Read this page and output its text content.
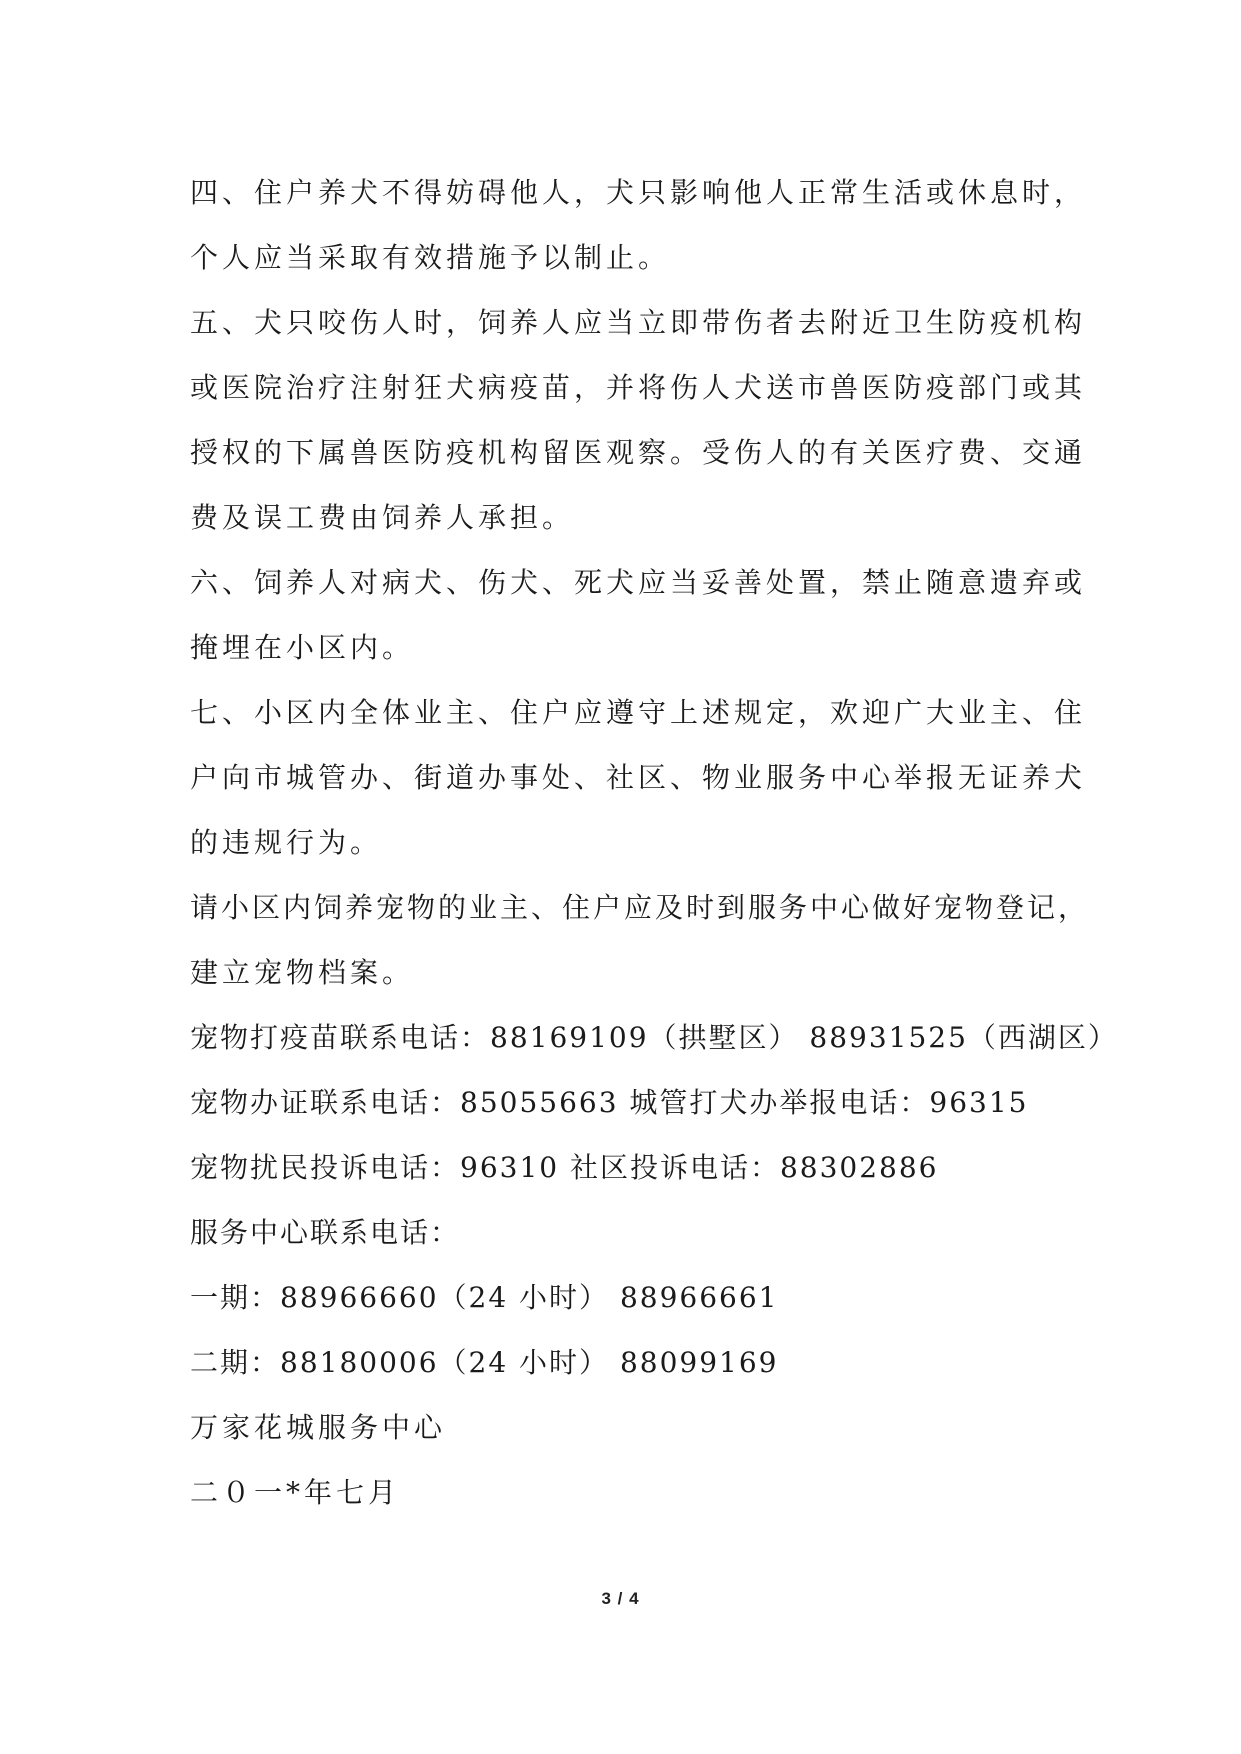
四、住户养犬不得妨碍他人，犬只影响他人正常生活或休息时，
个人应当采取有效措施予以制止。
五、犬只咬伤人时，饲养人应当立即带伤者去附近卫生防疫机构
或医院治疗注射狂犬病疫苗，并将伤人犬送市兽医防疫部门或其
授权的下属兽医防疫机构留医观察。受伤人的有关医疗费、交通
费及误工费由饲养人承担。
六、饲养人对病犬、伤犬、死犬应当妥善处置，禁止随意遗弃或
掩埋在小区内。
七、小区内全体业主、住户应遵守上述规定，欢迎广大业主、住
户向市城管办、街道办事处、社区、物业服务中心举报无证养犬
的违规行为。
请小区内饲养宠物的业主、住户应及时到服务中心做好宠物登记，
建立宠物档案。
宠物打疫苗联系电话：88169109（拱墅区） 88931525（西湖区）
宠物办证联系电话：85055663 城管打犬办举报电话：96315
宠物扰民投诉电话：96310 社区投诉电话：88302886
服务中心联系电话：
一期：88966660（24 小时） 88966661
二期：88180006（24 小时） 88099169
万家花城服务中心
二０一*年七月
3 / 4
